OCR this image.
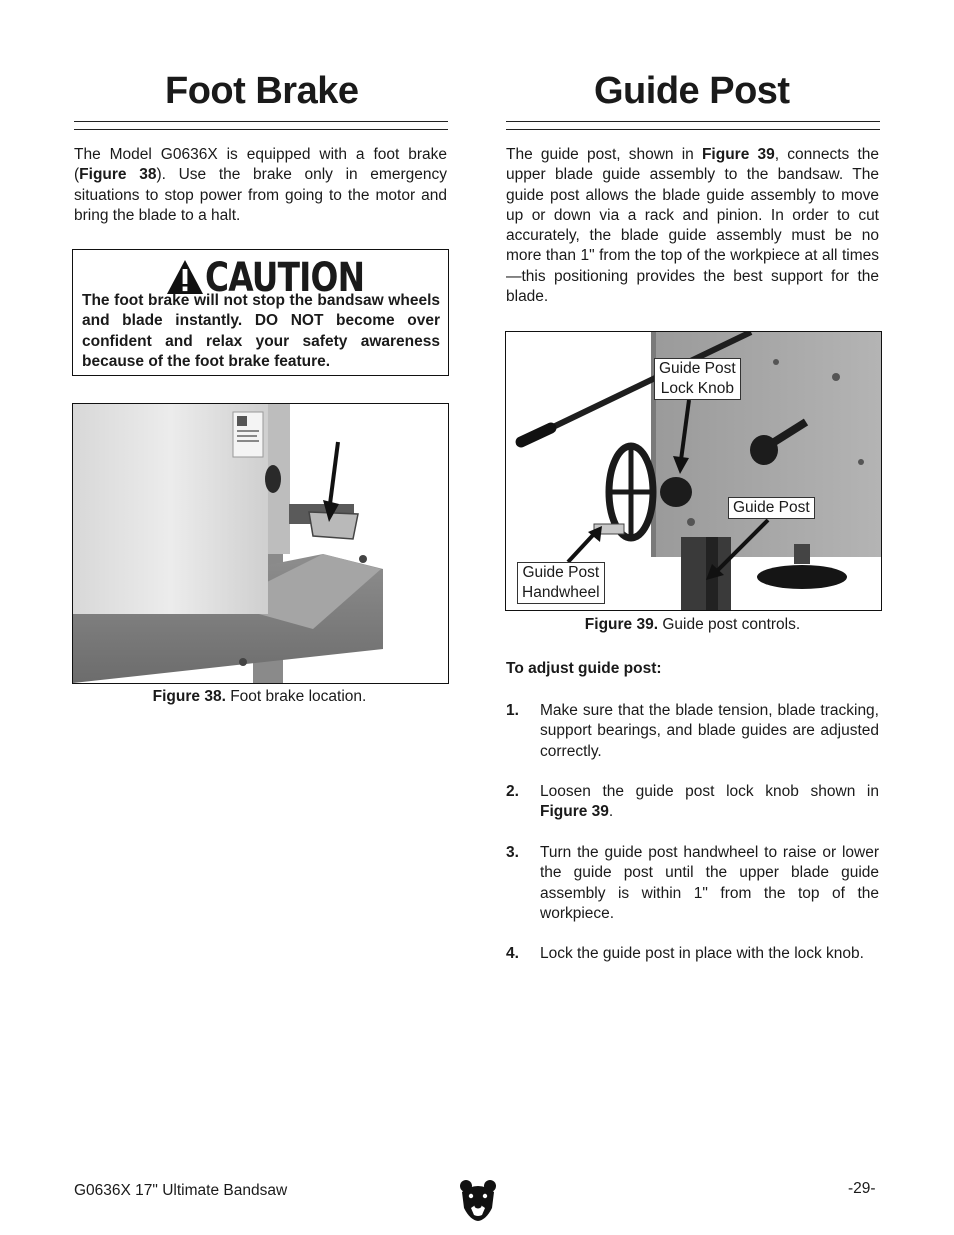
Foot Brake
The Model G0636X is equipped with a foot brake (Figure 38). Use the brake only in emergency situations to stop power from going to the motor and bring the blade to a halt.
CAUTION
The foot brake will not stop the bandsaw wheels and blade instantly. DO NOT become over confident and relax your safety awareness because of the foot brake feature.
Figure 38. Foot brake location.
Guide Post
The guide post, shown in Figure 39, connects the upper blade guide assembly to the bandsaw. The guide post allows the blade guide assembly to move up or down via a rack and pinion. In order to cut accurately, the blade guide assembly must be no more than 1" from the top of the workpiece at all times—this positioning provides the best support for the blade.
Guide Post
Lock Knob
Guide Post
Guide Post
Handwheel
Figure 39. Guide post controls.
To adjust guide post:
1. Make sure that the blade tension, blade tracking, support bearings, and blade guides are adjusted correctly.
2. Loosen the guide post lock knob shown in Figure 39.
3. Turn the guide post handwheel to raise or lower the guide post until the upper blade guide assembly is within 1" from the top of the workpiece.
4. Lock the guide post in place with the lock knob.
G0636X 17" Ultimate Bandsaw	-29-
